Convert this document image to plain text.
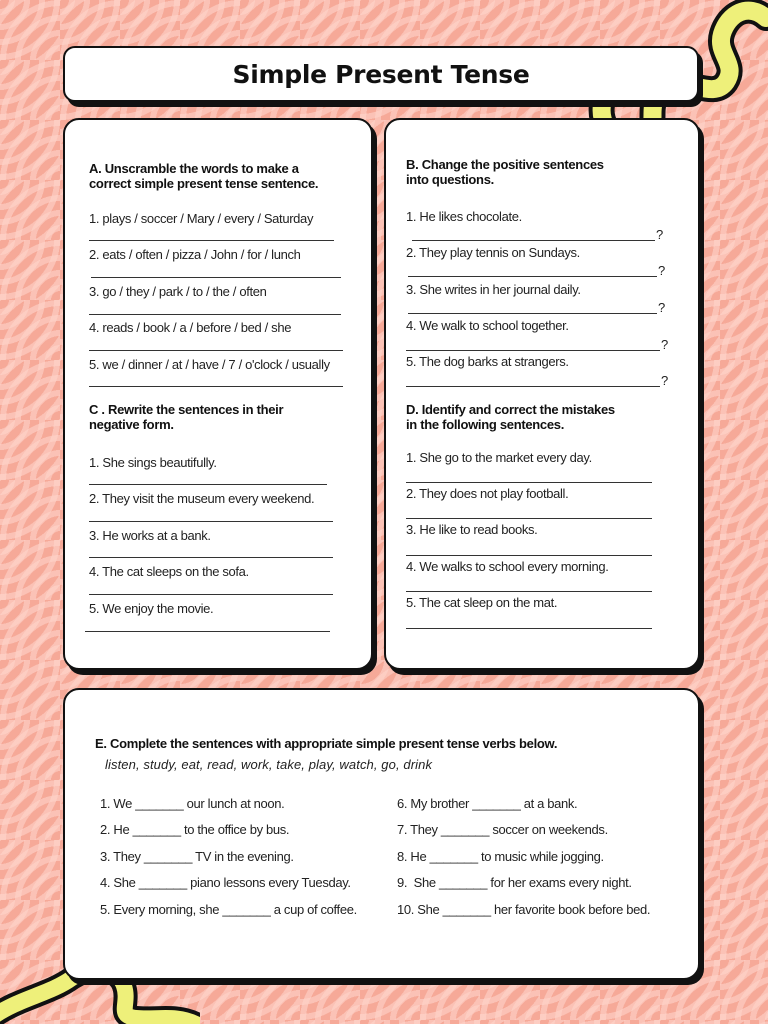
Simple Present Tense
A. Unscramble the words to make a
correct simple present tense sentence.
1. plays / soccer / Mary / every / Saturday
2. eats / often / pizza / John / for / lunch
3. go / they / park / to / the / often
4. reads / book / a / before / bed / she
5. we / dinner / at / have / 7 / o'clock / usually
C . Rewrite the sentences in their
negative form.
1. She sings beautifully.
2. They visit the museum every weekend.
3. He works at a bank.
4. The cat sleeps on the sofa.
5. We enjoy the movie.
B. Change the positive sentences
into questions.
1. He likes chocolate.
?
2. They play tennis on Sundays.
?
3. She writes in her journal daily.
?
4. We walk to school together.
?
5. The dog barks at strangers.
?
D. Identify and correct the mistakes
in the following sentences.
1. She go to the market every day.
2. They does not play football.
3. He like to read books.
4. We walks to school every morning.
5. The cat sleep on the mat.
E. Complete the sentences with appropriate simple present tense verbs below.
listen, study, eat, read, work, take, play, watch, go, drink
1. We _______ our lunch at noon.
2. He _______ to the office by bus.
3. They _______ TV in the evening.
4. She _______ piano lessons every Tuesday.
5. Every morning, she _______ a cup of coffee.
6. My brother _______ at a bank.
7. They _______ soccer on weekends.
8. He _______ to music while jogging.
9.  She _______ for her exams every night.
10. She _______ her favorite book before bed.
